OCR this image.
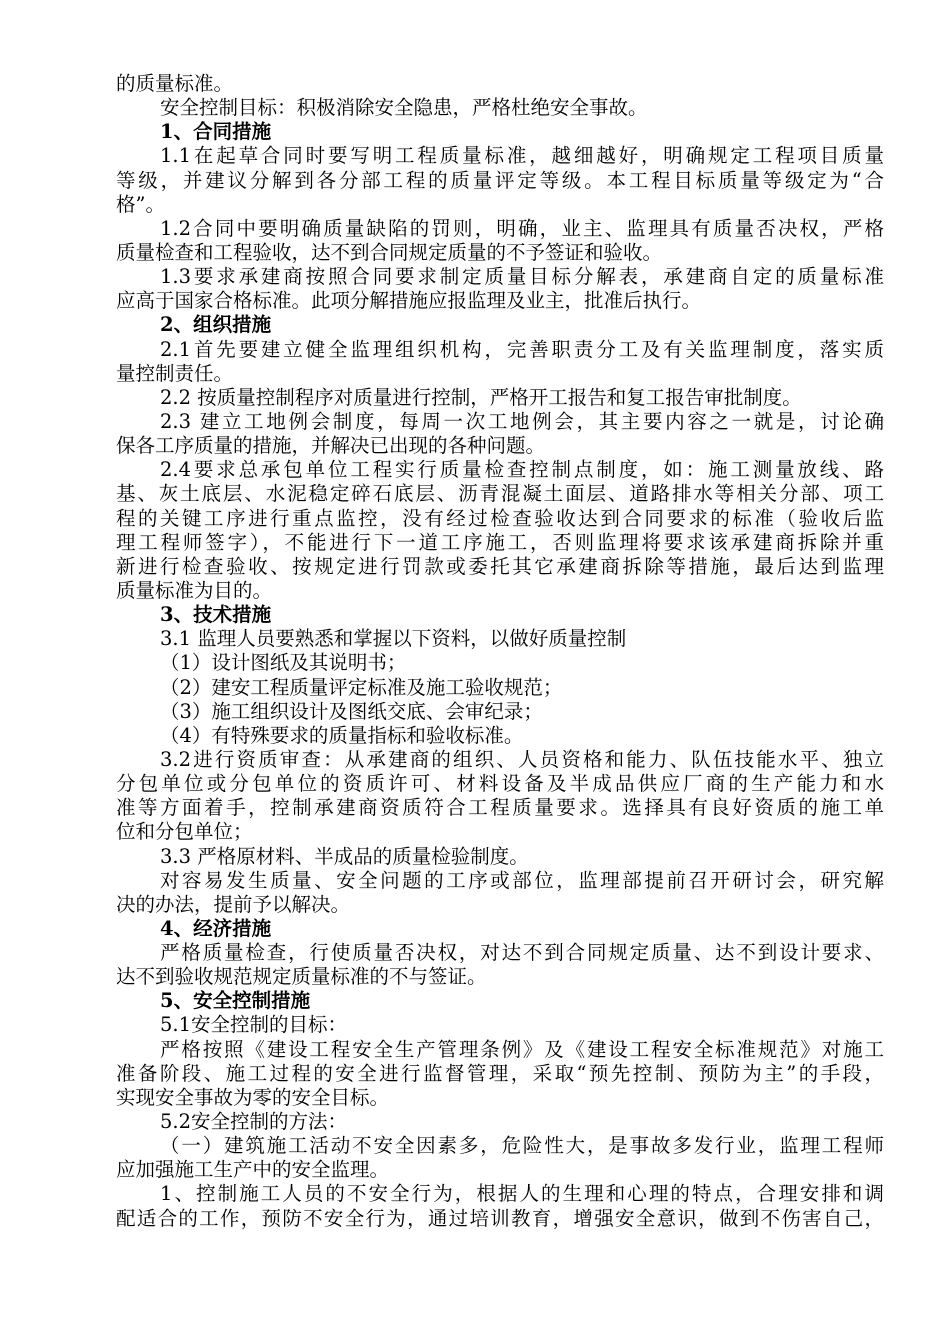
的质量标准。
安全控制目标：积极消除安全隐患，严格杜绝安全事故。
1、合同措施
1.1在起草合同时要写明工程质量标准，越细越好，明确规定工程项目质量
等级，并建议分解到各分部工程的质量评定等级。本工程目标质量等级定为“合
格”。
1.2合同中要明确质量缺陷的罚则，明确，业主、监理具有质量否决权，严格
质量检查和工程验收，达不到合同规定质量的不予签证和验收。
1.3要求承建商按照合同要求制定质量目标分解表，承建商自定的质量标准
应高于国家合格标准。此项分解措施应报监理及业主，批准后执行。
2、组织措施
2.1首先要建立健全监理组织机构，完善职责分工及有关监理制度，落实质
量控制责任。
2.2 按质量控制程序对质量进行控制，严格开工报告和复工报告审批制度。
2.3 建立工地例会制度，每周一次工地例会，其主要内容之一就是，讨论确
保各工序质量的措施，并解决已出现的各种问题。
2.4要求总承包单位工程实行质量检查控制点制度，如：施工测量放线、路
基、灰土底层、水泥稳定碎石底层、沥青混凝土面层、道路排水等相关分部、项工
程的关键工序进行重点监控，没有经过检查验收达到合同要求的标准（验收后监
理工程师签字），不能进行下一道工序施工，否则监理将要求该承建商拆除并重
新进行检查验收、按规定进行罚款或委托其它承建商拆除等措施，最后达到监理
质量标准为目的。
3、技术措施
3.1 监理人员要熟悉和掌握以下资料，以做好质量控制
（1）设计图纸及其说明书；
（2）建安工程质量评定标准及施工验收规范；
（3）施工组织设计及图纸交底、会审纪录；
（4）有特殊要求的质量指标和验收标准。
3.2进行资质审查：从承建商的组织、人员资格和能力、队伍技能水平、独立
分包单位或分包单位的资质许可、材料设备及半成品供应厂商的生产能力和水
准等方面着手，控制承建商资质符合工程质量要求。选择具有良好资质的施工单
位和分包单位；
3.3 严格原材料、半成品的质量检验制度。
对容易发生质量、安全问题的工序或部位，监理部提前召开研讨会，研究解
决的办法，提前予以解决。
4、经济措施
严格质量检查，行使质量否决权，对达不到合同规定质量、达不到设计要求、
达不到验收规范规定质量标准的不与签证。
5、安全控制措施
5.1安全控制的目标：
严格按照《建设工程安全生产管理条例》及《建设工程安全标准规范》对施工
准备阶段、施工过程的安全进行监督管理，采取“预先控制、预防为主”的手段，
实现安全事故为零的安全目标。
5.2安全控制的方法：
（一）建筑施工活动不安全因素多，危险性大，是事故多发行业，监理工程师
应加强施工生产中的安全监理。
1、控制施工人员的不安全行为，根据人的生理和心理的特点，合理安排和调
配适合的工作，预防不安全行为，通过培训教育，增强安全意识，做到不伤害自己，
